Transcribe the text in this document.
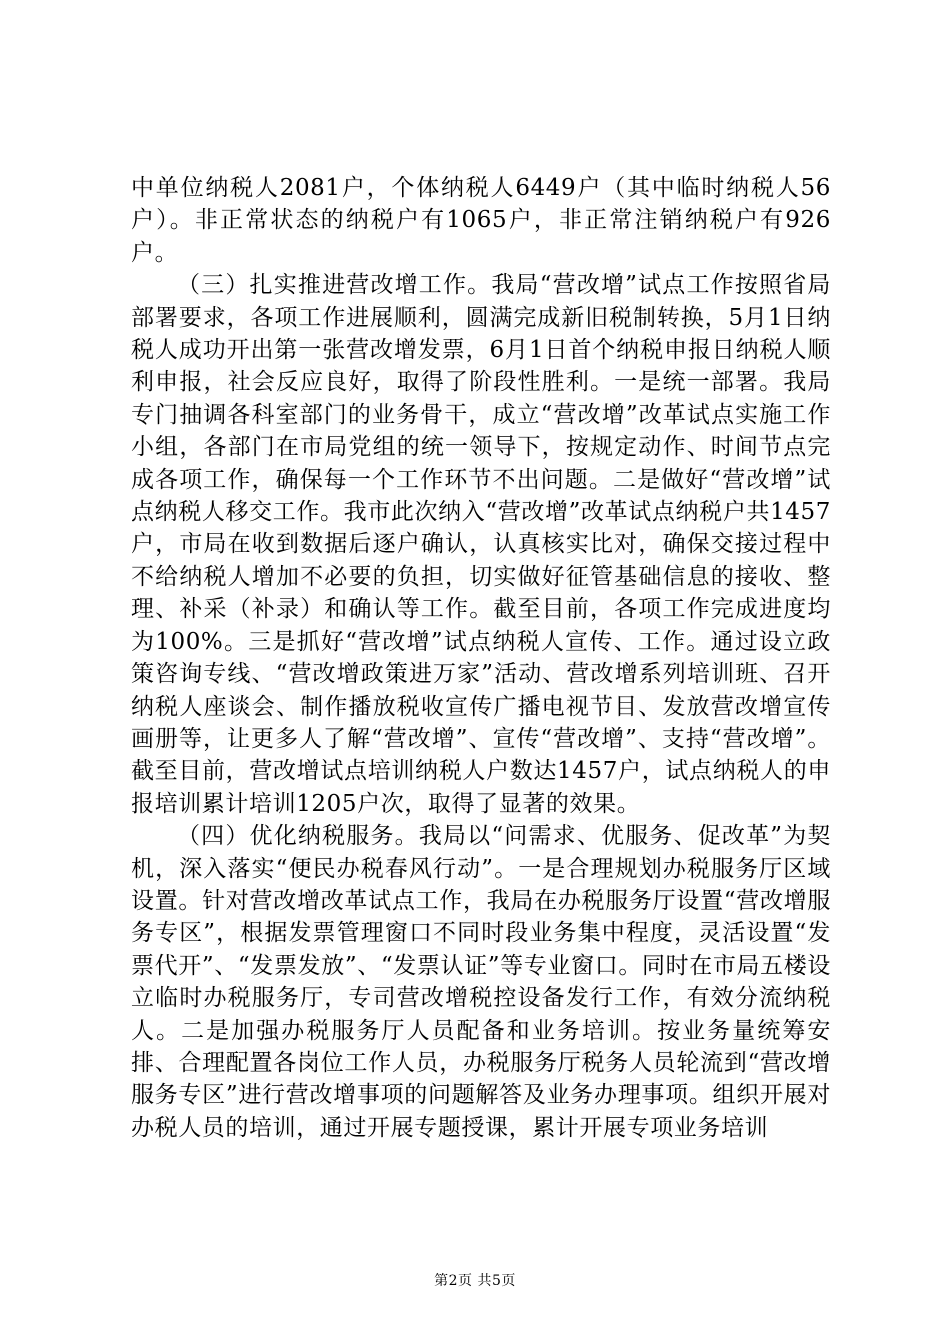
中单位纳税人2081户，个体纳税人6449户（其中临时纳税人56户）。非正常状态的纳税户有1065户，非正常注销纳税户有926户。

（三）扎实推进营改增工作。我局“营改增”试点工作按照省局部署要求，各项工作进展顺利，圆满完成新旧税制转换，5月1日纳税人成功开出第一张营改增发票，6月1日首个纳税申报日纳税人顺利申报，社会反应良好，取得了阶段性胜利。一是统一部署。我局专门抽调各科室部门的业务骨干，成立“营改增”改革试点实施工作小组，各部门在市局党组的统一领导下，按规定动作、时间节点完成各项工作，确保每一个工作环节不出问题。二是做好“营改增”试点纳税人移交工作。我市此次纳入“营改增”改革试点纳税户共1457户，市局在收到数据后逐户确认，认真核实比对，确保交接过程中不给纳税人增加不必要的负担，切实做好征管基础信息的接收、整理、补采（补录）和确认等工作。截至目前，各项工作完成进度均为100%。三是抓好“营改增”试点纳税人宣传、工作。通过设立政策咨询专线、“营改增政策进万家”活动、营改增系列培训班、召开纳税人座谈会、制作播放税收宣传广播电视节目、发放营改增宣传画册等，让更多人了解“营改增”、宣传“营改增”、支持“营改增”。截至目前，营改增试点培训纳税人户数达1457户，试点纳税人的申报培训累计培训1205户次，取得了显著的效果。

（四）优化纳税服务。我局以“问需求、优服务、促改革”为契机，深入落实“便民办税春风行动”。一是合理规划办税服务厅区域设置。针对营改增改革试点工作，我局在办税服务厅设置“营改增服务专区”，根据发票管理窗口不同时段业务集中程度，灵活设置“发票代开”、“发票发放”、“发票认证”等专业窗口。同时在市局五楼设立临时办税服务厅，专司营改增税控设备发行工作，有效分流纳税人。二是加强办税服务厅人员配备和业务培训。按业务量统筹安排、合理配置各岗位工作人员，办税服务厅税务人员轮流到“营改增服务专区”进行营改增事项的问题解答及业务办理事项。组织开展对办税人员的培训，通过开展专题授课，累计开展专项业务培训

第2页 共5页
